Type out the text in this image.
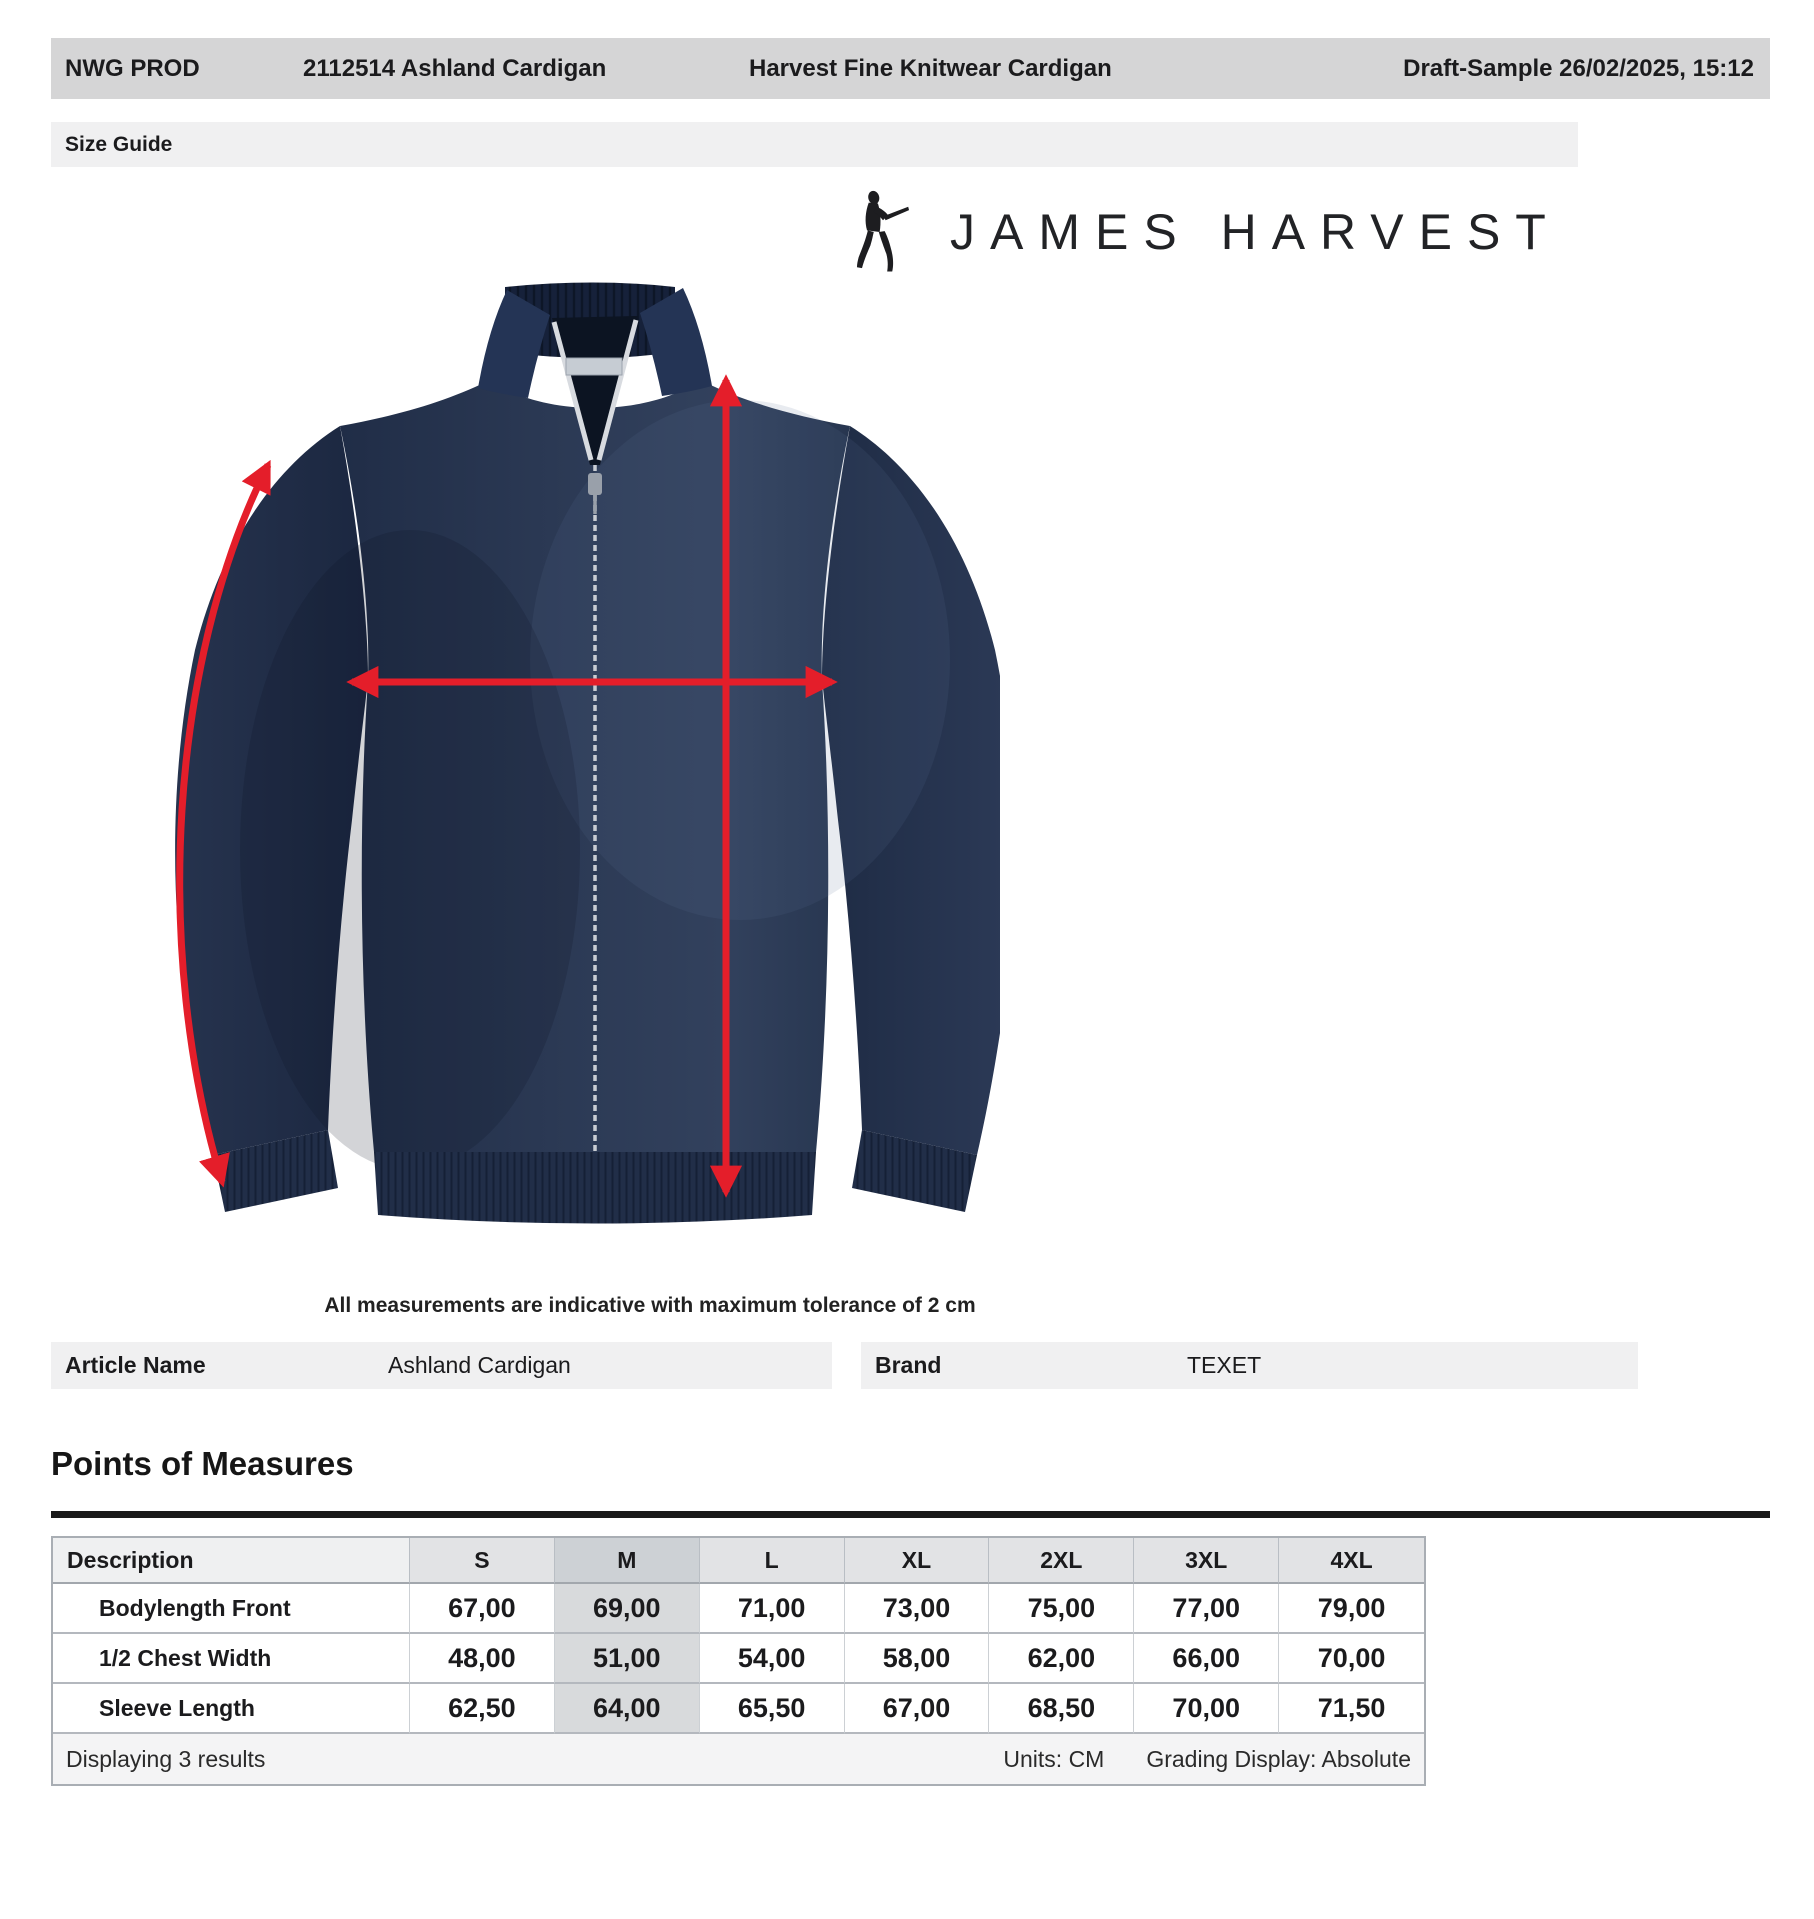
NWG PROD	2112514 Ashland Cardigan	Harvest Fine Knitwear Cardigan	Draft-Sample 26/02/2025, 15:12
Size Guide
JAMES HARVEST
All measurements are indicative with maximum tolerance of 2 cm
Article Name	Ashland Cardigan	Brand	TEXET
Points of Measures
Description	S	M	L	XL	2XL	3XL	4XL
Bodylength Front	67,00	69,00	71,00	73,00	75,00	77,00	79,00
1/2 Chest Width	48,00	51,00	54,00	58,00	62,00	66,00	70,00
Sleeve Length	62,50	64,00	65,50	67,00	68,50	70,00	71,50
Displaying 3 results	Units: CM Grading Display: Absolute
